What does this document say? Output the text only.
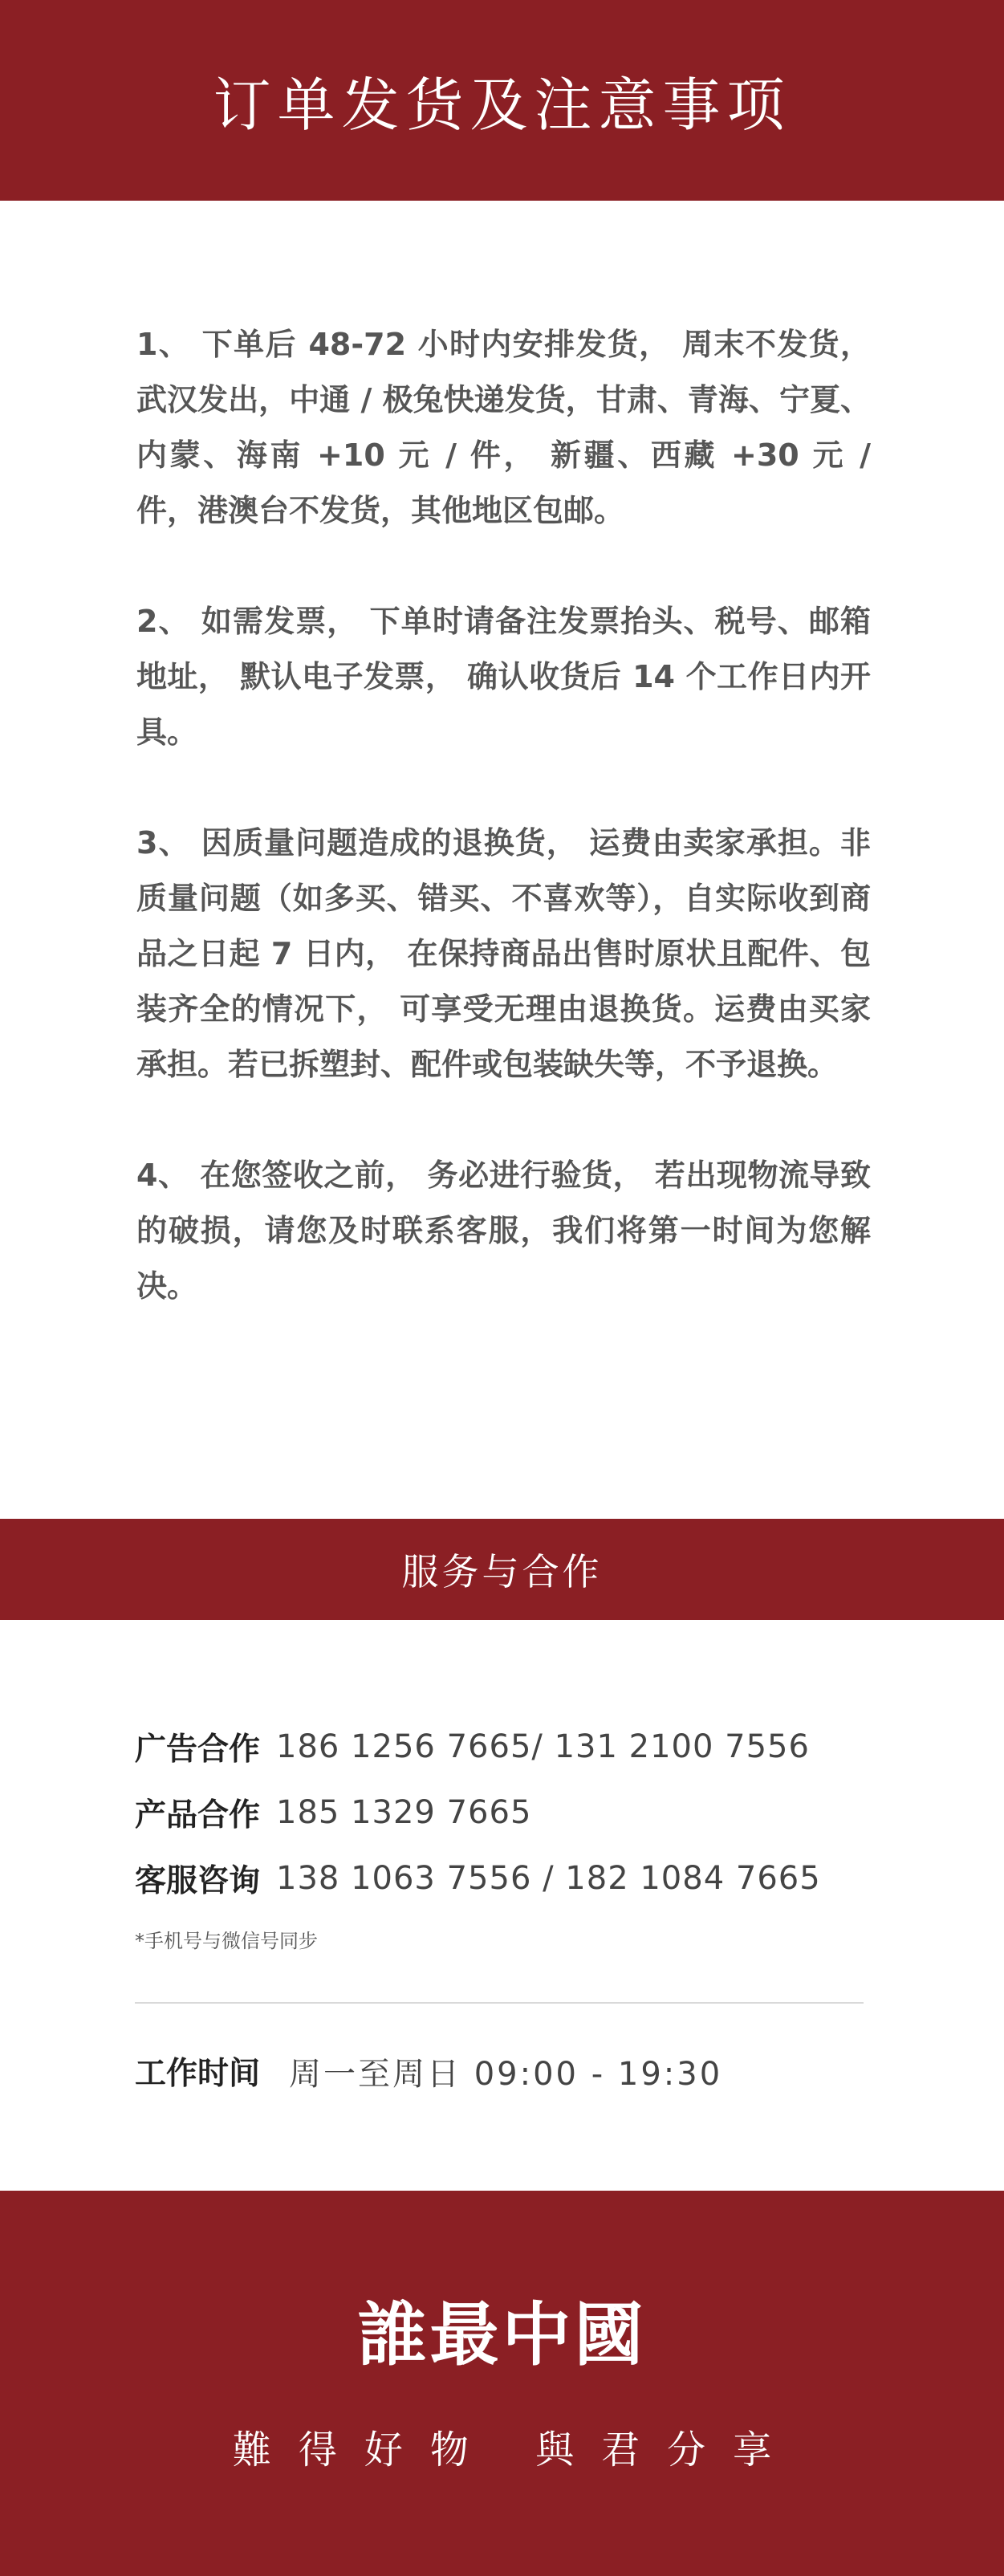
订单发货及注意事项

1、 下单后 48-72 小时内安排发货， 周末不发货，武汉发出，中通 / 极兔快递发货，甘肃、青海、宁夏、内蒙、海南 +10 元 / 件， 新疆、西藏 +30 元 / 件，港澳台不发货，其他地区包邮。

2、 如需发票， 下单时请备注发票抬头、税号、邮箱地址， 默认电子发票， 确认收货后 14 个工作日内开具。

3、 因质量问题造成的退换货， 运费由卖家承担。非质量问题（如多买、错买、不喜欢等），自实际收到商品之日起 7 日内， 在保持商品出售时原状且配件、包装齐全的情况下， 可享受无理由退换货。运费由买家承担。若已拆塑封、配件或包装缺失等，不予退换。

4、 在您签收之前， 务必进行验货， 若出现物流导致的破损，请您及时联系客服，我们将第一时间为您解决。

服务与合作
广告合作 186 1256 7665/ 131 2100 7556
产品合作 185 1329 7665
客服咨询 138 1063 7556 / 182 1084 7665
*手机号与微信号同步
工作时间 周一至周日 09:00 - 19:30
誰最中國
難得好物 與君分享
